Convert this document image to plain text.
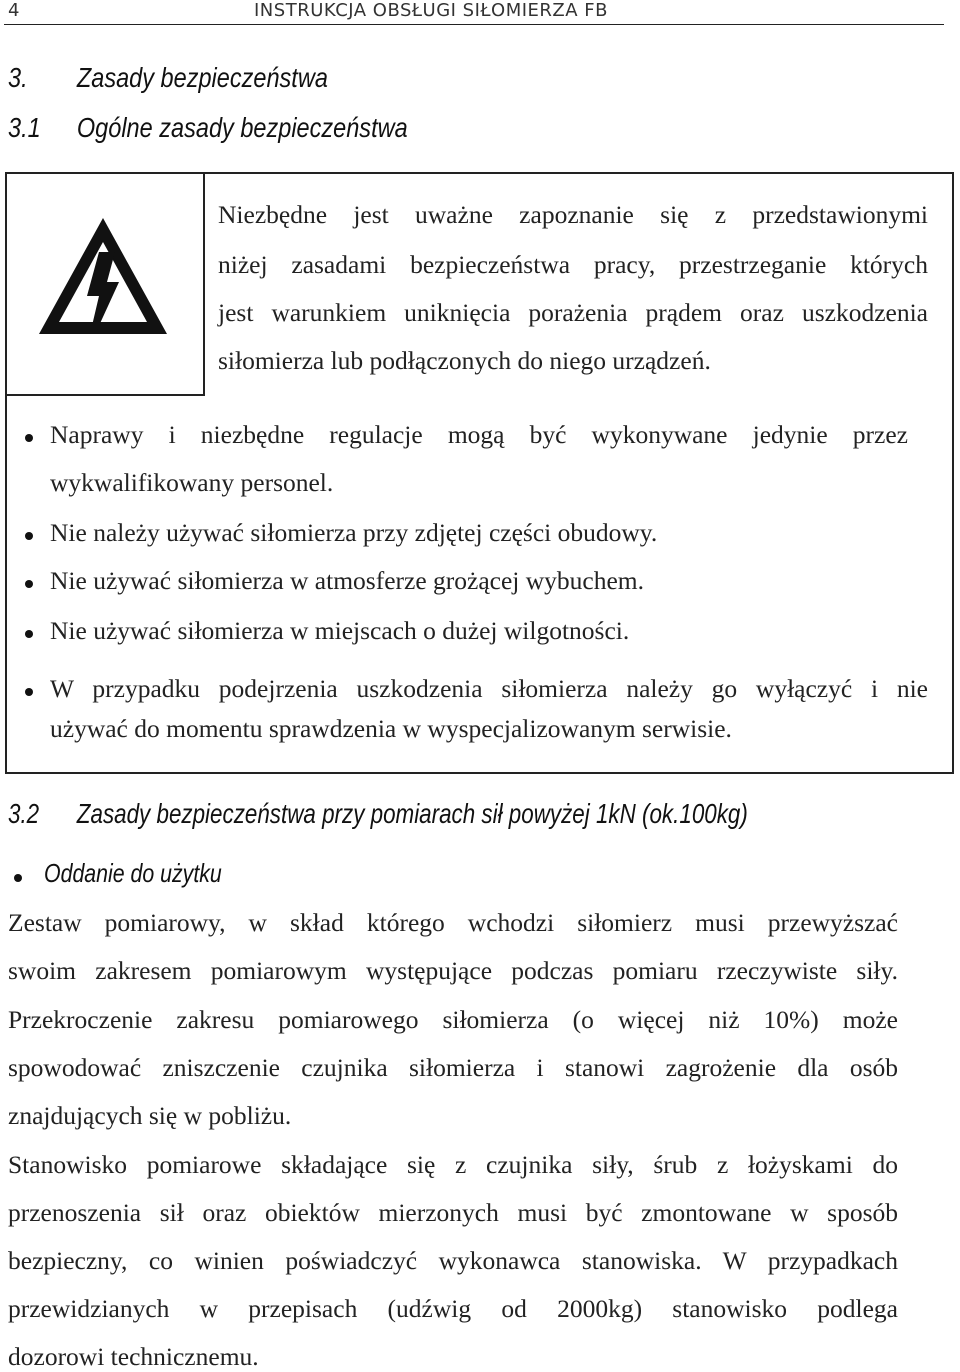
4	INSTRUKCJA OBSŁUGI SIŁOMIERZA FB
3. Zasady bezpieczeństwa
3.1 Ogólne zasady bezpieczeństwa
Niezbędne jest uważne zapoznanie się z przedstawionymi
niżej zasadami bezpieczeństwa pracy, przestrzeganie których
jest warunkiem uniknięcia porażenia prądem oraz uszkodzenia
siłomierza lub podłączonych do niego urządzeń.
Naprawy i niezbędne regulacje mogą być wykonywane jedynie przez
wykwalifikowany personel.
Nie należy używać siłomierza przy zdjętej części obudowy.
Nie używać siłomierza w atmosferze grożącej wybuchem.
Nie używać siłomierza w miejscach o dużej wilgotności.
W przypadku podejrzenia uszkodzenia siłomierza należy go wyłączyć i nie
używać do momentu sprawdzenia w wyspecjalizowanym serwisie.
3.2 Zasady bezpieczeństwa przy pomiarach sił powyżej 1kN (ok.100kg)
Oddanie do użytku
Zestaw pomiarowy, w skład którego wchodzi siłomierz musi przewyższać
swoim zakresem pomiarowym występujące podczas pomiaru rzeczywiste siły.
Przekroczenie zakresu pomiarowego siłomierza (o więcej niż 10%) może
spowodować zniszczenie czujnika siłomierza i stanowi zagrożenie dla osób
znajdujących się w pobliżu.
Stanowisko pomiarowe składające się z czujnika siły, śrub z łożyskami do
przenoszenia sił oraz obiektów mierzonych musi być zmontowane w sposób
bezpieczny, co winien poświadczyć wykonawca stanowiska. W przypadkach
przewidzianych w przepisach (udźwig od 2000kg) stanowisko podlega
dozorowi technicznemu.
